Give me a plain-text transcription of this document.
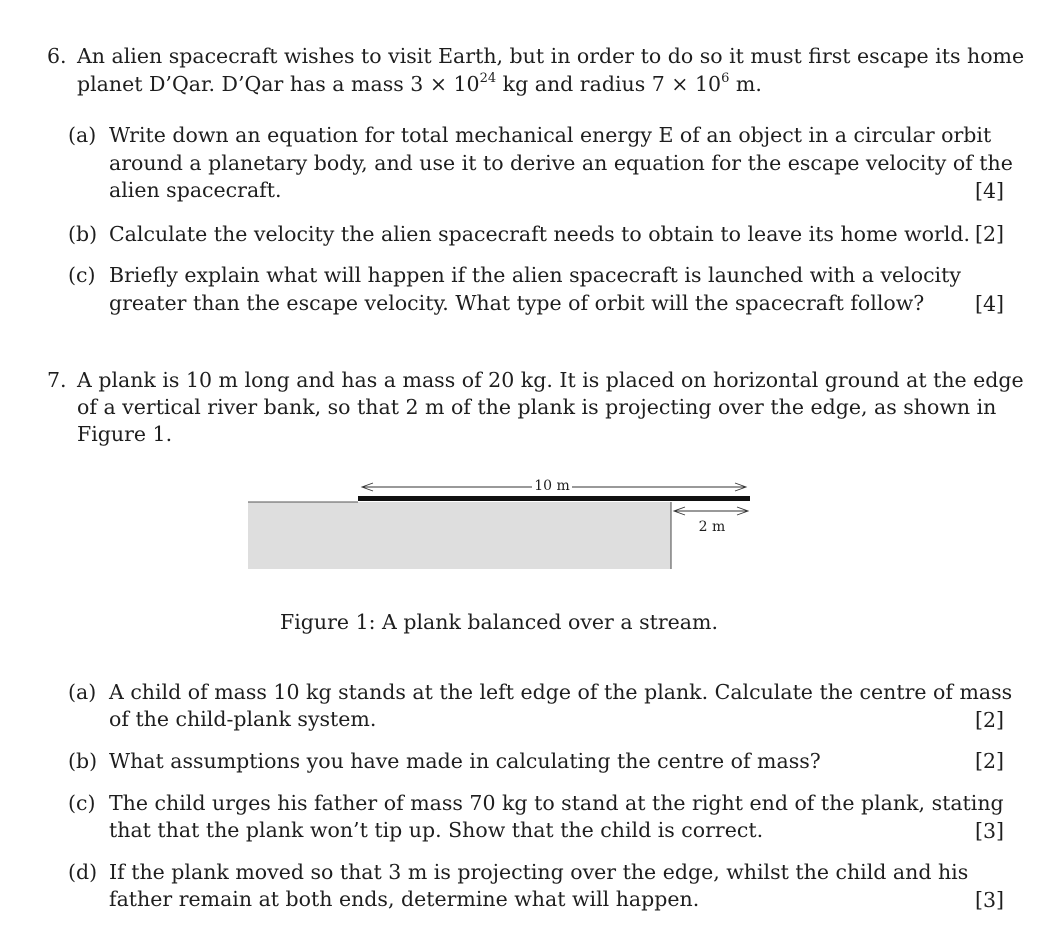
6. An alien spacecraft wishes to visit Earth, but in order to do so it must first escape its home
planet D’Qar. D’Qar has a mass $3 \times 10^{24}$ kg and radius $7 \times 10^6$ m.
(a) Write down an equation for total mechanical energy E of an object in a circular orbit
around a planetary body, and use it to derive an equation for the escape velocity of the
alien spacecraft.	[4]
(b) Calculate the velocity the alien spacecraft needs to obtain to leave its home world. [2]
(c) Briefly explain what will happen if the alien spacecraft is launched with a velocity
greater than the escape velocity. What type of orbit will the spacecraft follow? [4]
7. A plank is 10 m long and has a mass of 20 kg. It is placed on horizontal ground at the edge
of a vertical river bank, so that 2 m of the plank is projecting over the edge, as shown in
Figure 1.
10 m
2 m
Figure 1: A plank balanced over a stream.
(a) A child of mass 10 kg stands at the left edge of the plank. Calculate the centre of mass
of the child-plank system.	[2]
(b) What assumptions you have made in calculating the centre of mass?	[2]
(c) The child urges his father of mass 70 kg to stand at the right end of the plank, stating
that that the plank won’t tip up. Show that the child is correct.	[3]
(d) If the plank moved so that 3 m is projecting over the edge, whilst the child and his
father remain at both ends, determine what will happen.	[3]
